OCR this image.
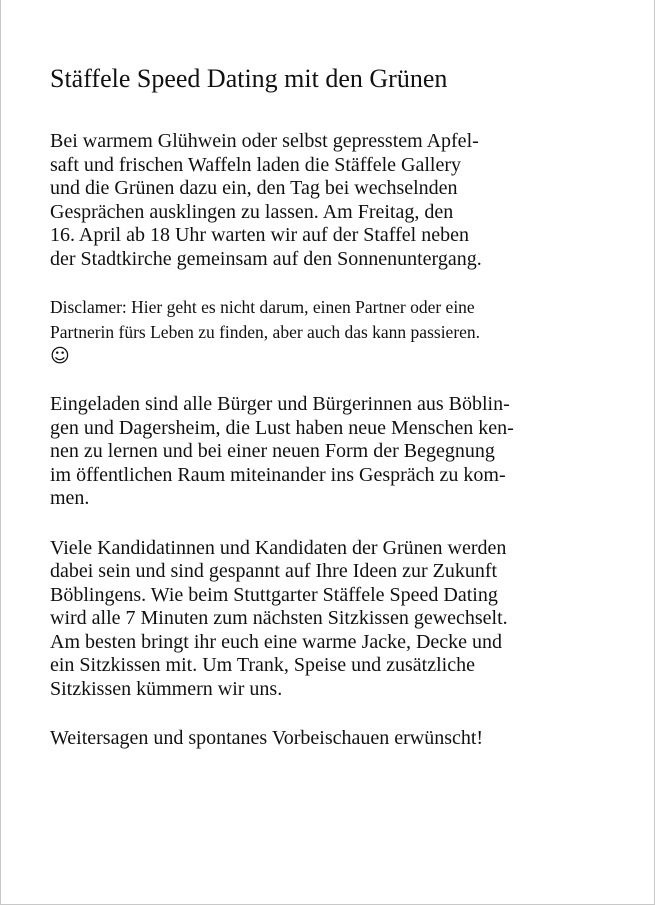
Stäffele Speed Dating mit den Grünen

Bei warmem Glühwein oder selbst gepresstem Apfel-
saft und frischen Waffeln laden die Stäffele Gallery
und die Grünen dazu ein, den Tag bei wechselnden
Gesprächen ausklingen zu lassen. Am Freitag, den
16. April ab 18 Uhr warten wir auf der Staffel neben
der Stadtkirche gemeinsam auf den Sonnenuntergang.

Disclamer: Hier geht es nicht darum, einen Partner oder eine
Partnerin fürs Leben zu finden, aber auch das kann passieren.
☺

Eingeladen sind alle Bürger und Bürgerinnen aus Böblin-
gen und Dagersheim, die Lust haben neue Menschen ken-
nen zu lernen und bei einer neuen Form der Begegnung
im öffentlichen Raum miteinander ins Gespräch zu kom-
men.

Viele Kandidatinnen und Kandidaten der Grünen werden
dabei sein und sind gespannt auf Ihre Ideen zur Zukunft
Böblingens. Wie beim Stuttgarter Stäffele Speed Dating
wird alle 7 Minuten zum nächsten Sitzkissen gewechselt.
Am besten bringt ihr euch eine warme Jacke, Decke und
ein Sitzkissen mit. Um Trank, Speise und zusätzliche
Sitzkissen kümmern wir uns.

Weitersagen und spontanes Vorbeischauen erwünscht!
